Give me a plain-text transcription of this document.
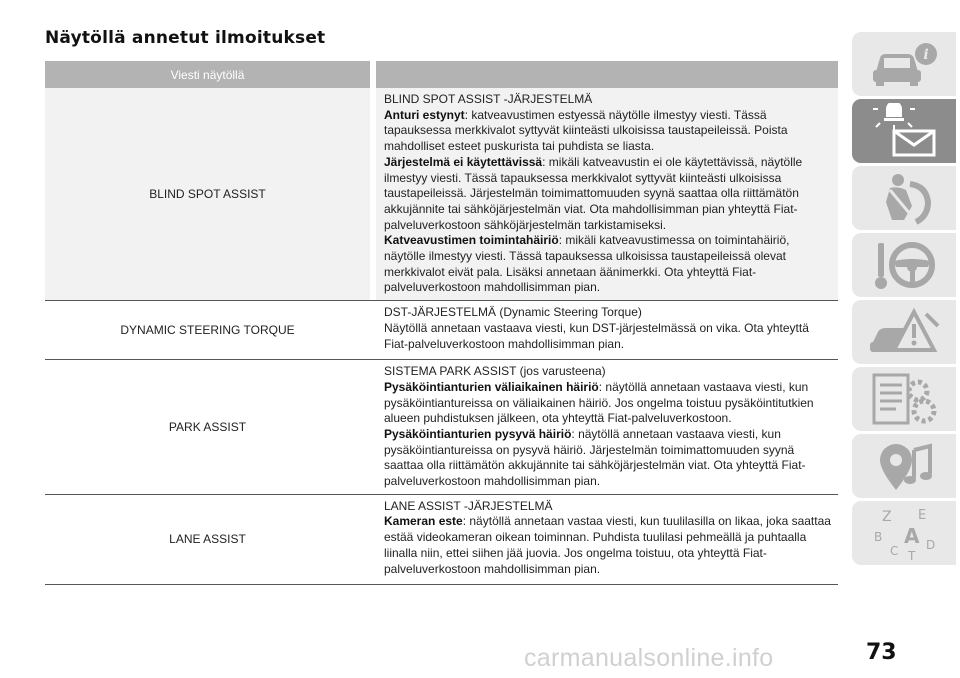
Näytöllä annetut ilmoitukset
Viesti näytöllä
BLIND SPOT ASSIST
BLIND SPOT ASSIST -JÄRJESTELMÄ
Anturi estynyt: katveavustimen estyessä näytölle ilmestyy viesti. Tässä tapauksessa merkkivalot syttyvät kiinteästi ulkoisissa taustapeileissä. Poista mahdolliset esteet puskurista tai puhdista se liasta.
Järjestelmä ei käytettävissä: mikäli katveavustin ei ole käytettävissä, näytölle ilmestyy viesti. Tässä tapauksessa merkkivalot syttyvät kiinteästi ulkoisissa taustapeileissä. Järjestelmän toimimattomuuden syynä saattaa olla riittämätön akkujännite tai sähköjärjestelmän viat. Ota mahdollisimman pian yhteyttä Fiat-palveluverkostoon sähköjärjestelmän tarkistamiseksi.
Katveavustimen toimintahäiriö: mikäli katveavustimessa on toimintahäiriö, näytölle ilmestyy viesti. Tässä tapauksessa ulkoisissa taustapeileissä olevat merkkivalot eivät pala. Lisäksi annetaan äänimerkki. Ota yhteyttä Fiat-palveluverkostoon mahdollisimman pian.
DYNAMIC STEERING TORQUE
DST-JÄRJESTELMÄ (Dynamic Steering Torque)
Näytöllä annetaan vastaava viesti, kun DST-järjestelmässä on vika. Ota yhteyttä Fiat-palveluverkostoon mahdollisimman pian.
PARK ASSIST
SISTEMA PARK ASSIST (jos varusteena)
Pysäköintianturien väliaikainen häiriö: näytöllä annetaan vastaava viesti, kun pysäköintiantureissa on väliaikainen häiriö. Jos ongelma toistuu pysäköintitutkien alueen puhdistuksen jälkeen, ota yhteyttä Fiat-palveluverkostoon.
Pysäköintianturien pysyvä häiriö: näytöllä annetaan vastaava viesti, kun pysäköintiantureissa on pysyvä häiriö. Järjestelmän toimimattomuuden syynä saattaa olla riittämätön akkujännite tai sähköjärjestelmän viat. Ota yhteyttä Fiat-palveluverkostoon mahdollisimman pian.
LANE ASSIST
LANE ASSIST -JÄRJESTELMÄ
Kameran este: näytöllä annetaan vastaa viesti, kun tuulilasilla on likaa, joka saattaa estää videokameran oikean toiminnan. Puhdista tuulilasi pehmeällä ja puhtaalla liinalla niin, ettei siihen jää juovia. Jos ongelma toistuu, ota yhteyttä Fiat-palveluverkostoon mahdollisimman pian.
i
Z E
B A
C D
T
carmanualsonline.info	73
